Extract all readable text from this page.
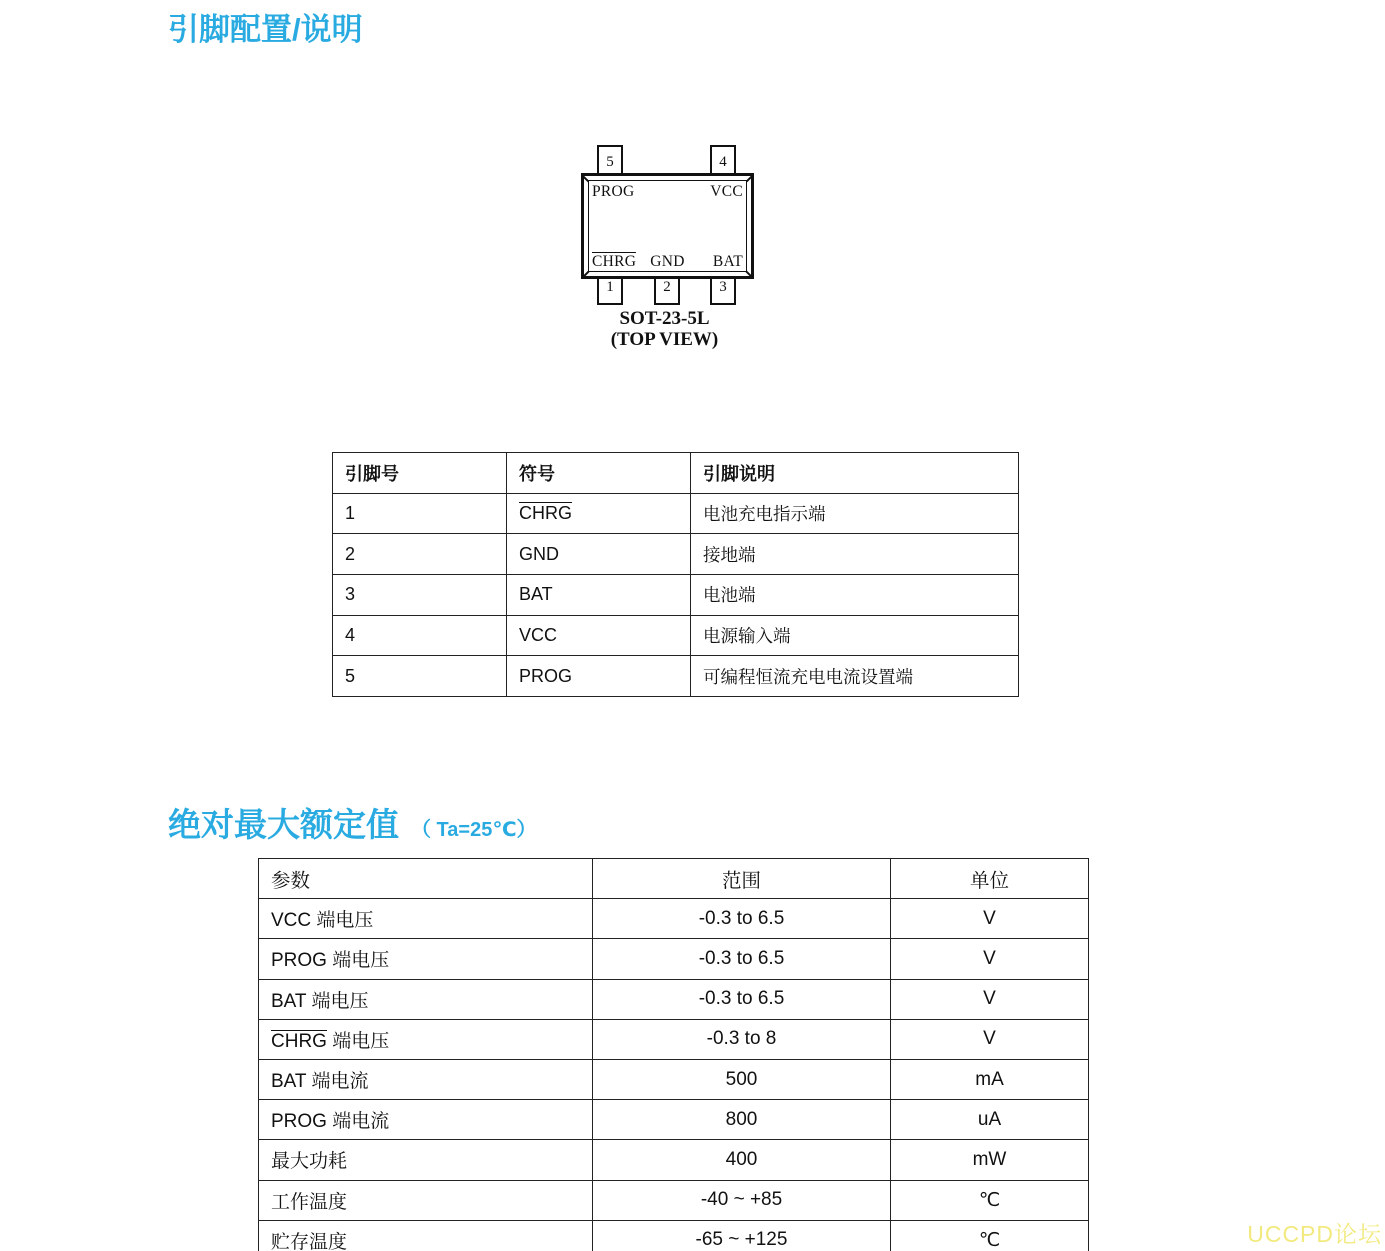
引脚配置/说明
5	4
PROG	VCC
CHRG GND BAT
1	2	3
SOT-23-5L
(TOP VIEW)
引脚号	符号	引脚说明
1	CHRG	电池充电指示端
2	GND	接地端
3	BAT	电池端
4	VCC	电源输入端
5	PROG	可编程恒流充电电流设置端
绝对最大额定值 （ Ta=25℃）
参数	范围	单位
VCC 端电压	-0.3 to 6.5	V
PROG 端电压	-0.3 to 6.5	V
BAT 端电压	-0.3 to 6.5	V
CHRG 端电压	-0.3 to 8	V
BAT 端电流	500	mA
PROG 端电流	800	uA
最大功耗	400	mW
工作温度	-40 ~ +85	℃
贮存温度	-65 ~ +125	℃	UCCPD论坛
